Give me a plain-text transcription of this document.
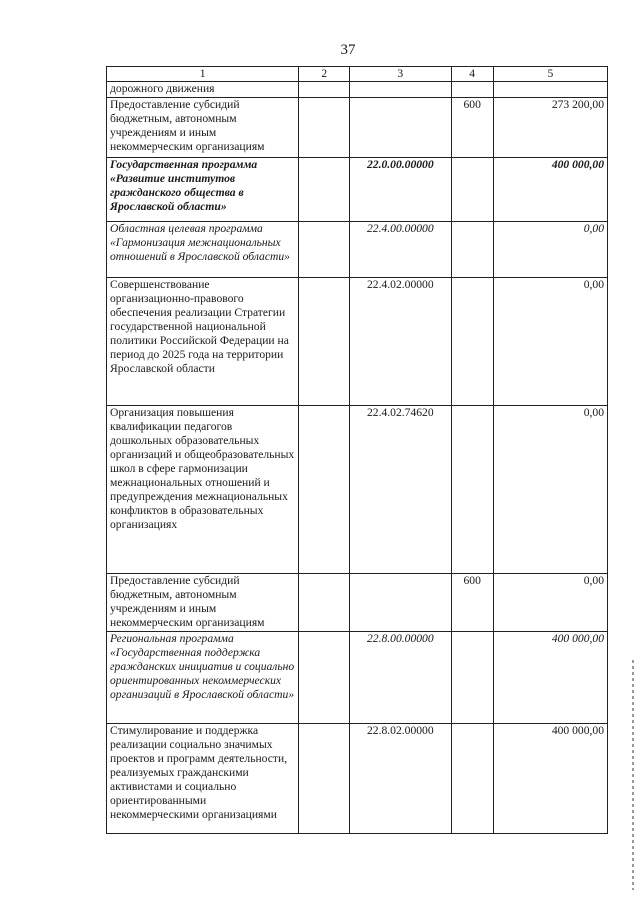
37
1	2	3	4	5
дорожного движения				
Предоставление субсидий бюджетным, автономным учреждениям и иным некоммерческим организациям			600	273 200,00
Государственная программа «Развитие институтов гражданского общества в Ярославской области»		22.0.00.00000		400 000,00
Областная целевая программа «Гармонизация межнациональных отношений в Ярославской области»		22.4.00.00000		0,00
Совершенствование организационно-правового обеспечения реализации Стратегии государственной национальной политики Российской Федерации на период до 2025 года на территории Ярославской области		22.4.02.00000		0,00
Организация повышения квалификации педагогов дошкольных образовательных организаций и общеобразовательных школ в сфере гармонизации межнациональных отношений и предупреждения межнациональных конфликтов в образовательных организациях		22.4.02.74620		0,00
Предоставление субсидий бюджетным, автономным учреждениям и иным некоммерческим организациям			600	0,00
Региональная программа «Государственная поддержка гражданских инициатив и социально ориентированных некоммерческих организаций в Ярославской области»		22.8.00.00000		400 000,00
Стимулирование и поддержка реализации социально значимых проектов и программ деятельности, реализуемых гражданскими активистами и социально ориентированными некоммерческими организациями		22.8.02.00000		400 000,00
